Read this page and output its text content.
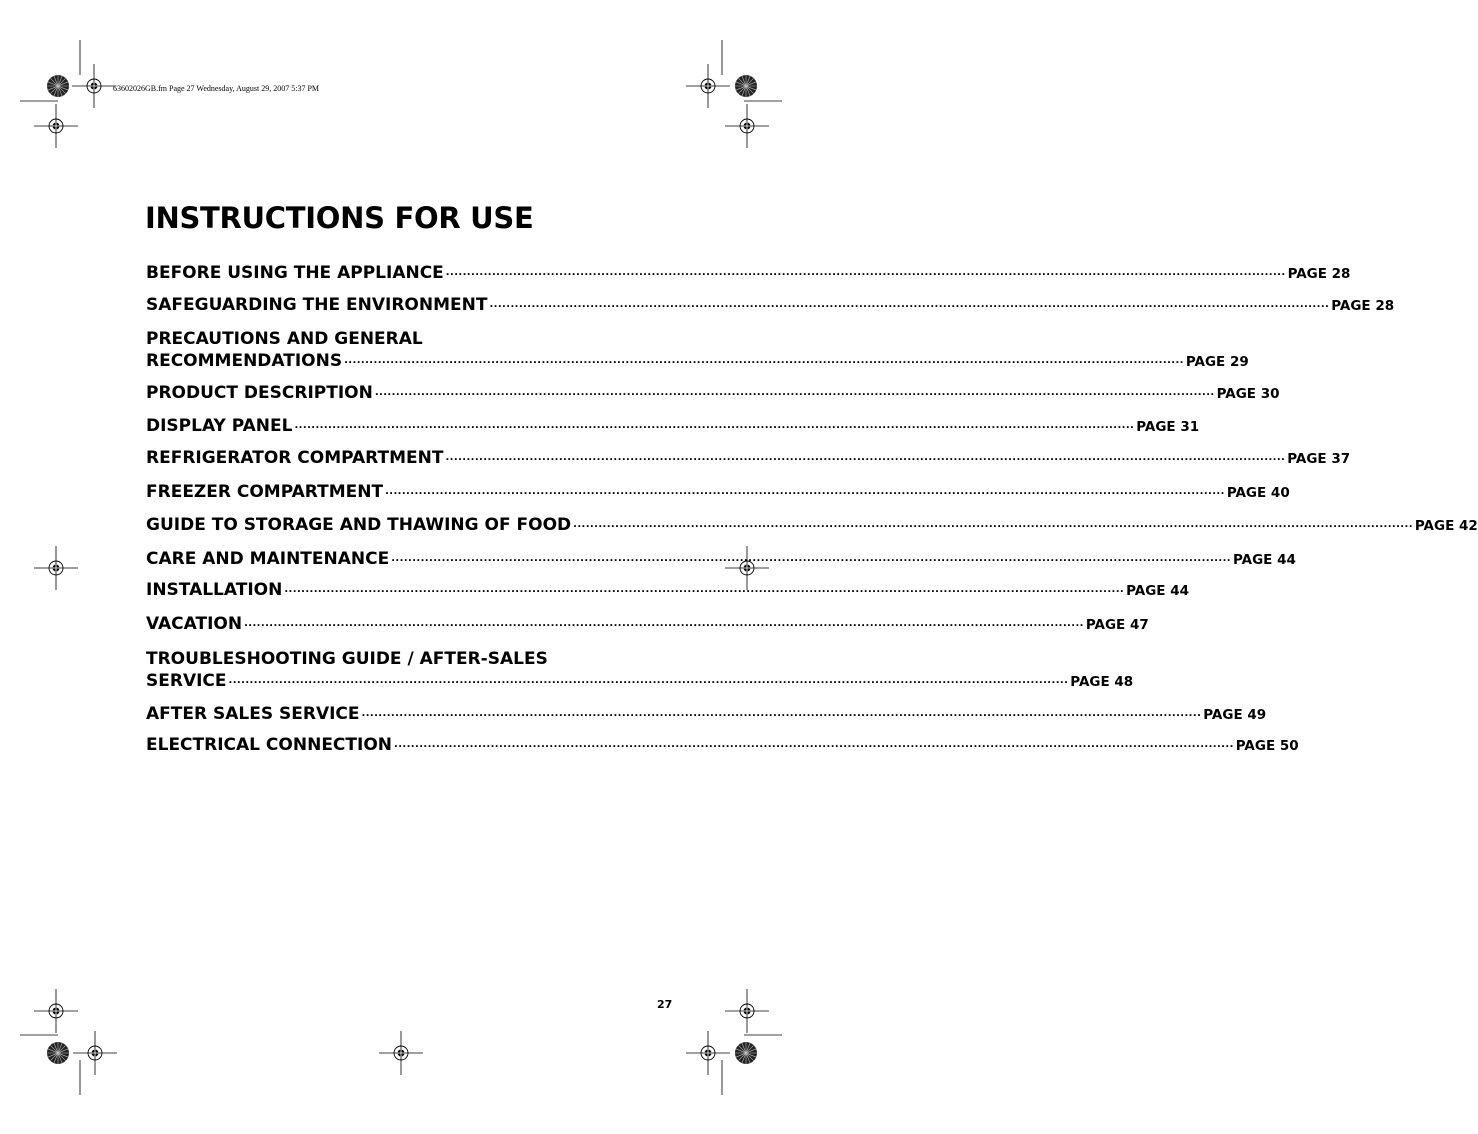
63602026GB.fm Page 27 Wednesday, August 29, 2007 5:37 PM
INSTRUCTIONS FOR USE
BEFORE USING THE APPLIANCE ........................................................................................................................................................................................................ PAGE 28
SAFEGUARDING THE ENVIRONMENT ........................................................................................................................................................................................................ PAGE 28
PRECAUTIONS AND GENERAL
RECOMMENDATIONS ........................................................................................................................................................................................................ PAGE 29
PRODUCT DESCRIPTION ........................................................................................................................................................................................................ PAGE 30
DISPLAY PANEL ........................................................................................................................................................................................................ PAGE 31
REFRIGERATOR COMPARTMENT ........................................................................................................................................................................................................ PAGE 37
FREEZER COMPARTMENT ........................................................................................................................................................................................................ PAGE 40
GUIDE TO STORAGE AND THAWING OF FOOD ........................................................................................................................................................................................................ PAGE 42
CARE AND MAINTENANCE ........................................................................................................................................................................................................ PAGE 44
INSTALLATION ........................................................................................................................................................................................................ PAGE 44
VACATION ........................................................................................................................................................................................................ PAGE 47
TROUBLESHOOTING GUIDE / AFTER-SALES
SERVICE ........................................................................................................................................................................................................ PAGE 48
AFTER SALES SERVICE ........................................................................................................................................................................................................ PAGE 49
ELECTRICAL CONNECTION ........................................................................................................................................................................................................ PAGE 50
27
